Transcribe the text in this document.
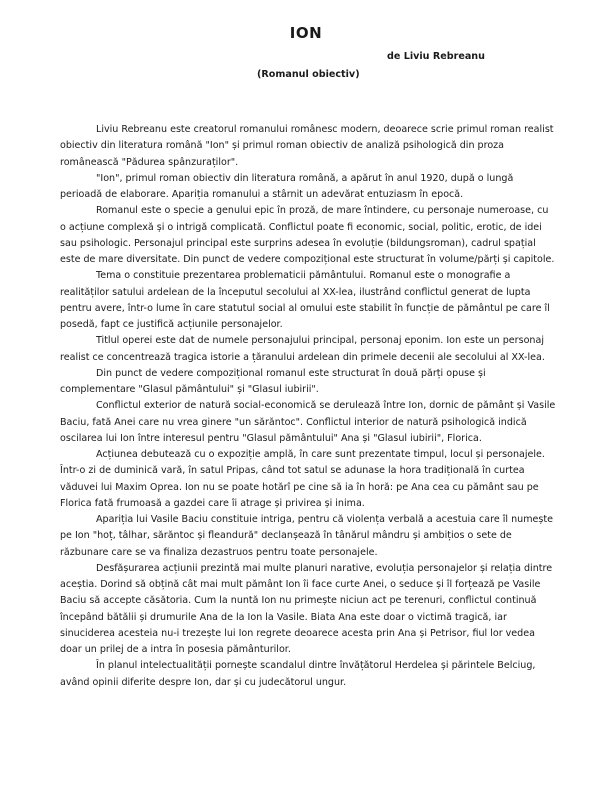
ION
de Liviu Rebreanu
(Romanul obiectiv)

Liviu Rebreanu este creatorul romanului românesc modern, deoarece scrie primul roman realist obiectiv din literatura română "Ion" și primul roman obiectiv de analiză psihologică din proza românească "Pădurea spânzuraților".

"Ion", primul roman obiectiv din literatura română, a apărut în anul 1920, după o lungă perioadă de elaborare. Apariția romanului a stârnit un adevărat entuziasm în epocă.

Romanul este o specie a genului epic în proză, de mare întindere, cu personaje numeroase, cu o acțiune complexă și o intrigă complicată. Conflictul poate fi economic, social, politic, erotic, de idei sau psihologic. Personajul principal este surprins adesea în evoluție (bildungsroman), cadrul spațial este de mare diversitate. Din punct de vedere compozițional este structurat în volume/părți și capitole.

Tema o constituie prezentarea problematicii pământului. Romanul este o monografie a realităților satului ardelean de la începutul secolului al XX-lea, ilustrând conflictul generat de lupta pentru avere, într-o lume în care statutul social al omului este stabilit în funcție de pământul pe care îl posedă, fapt ce justifică acțiunile personajelor.

Titlul operei este dat de numele personajului principal, personaj eponim. Ion este un personaj realist ce concentrează tragica istorie a țăranului ardelean din primele decenii ale secolului al XX-lea.

Din punct de vedere compozițional romanul este structurat în două părți opuse și complementare "Glasul pământului" și "Glasul iubirii".

Conflictul exterior de natură social-economică se derulează între Ion, dornic de pământ și Vasile Baciu, fată Anei care nu vrea ginere "un sărăntoc". Conflictul interior de natură psihologică indică oscilarea lui Ion între interesul pentru "Glasul pământului" Ana și "Glasul iubirii", Florica.

Acțiunea debutează cu o expoziție amplă, în care sunt prezentate timpul, locul și personajele. Într-o zi de duminică vară, în satul Pripas, când tot satul se adunase la hora tradițională în curtea văduvei lui Maxim Oprea. Ion nu se poate hotărî pe cine să ia în horă: pe Ana cea cu pământ sau pe Florica fată frumoasă a gazdei care îi atrage și privirea și inima.

Apariția lui Vasile Baciu constituie intriga, pentru că violența verbală a acestuia care îl numește pe Ion "hoț, tâlhar, sărăntoc și fleandură" declanșează în tânărul mândru și ambițios o sete de răzbunare care se va finaliza dezastruos pentru toate personajele.

Desfășurarea acțiunii prezintă mai multe planuri narative, evoluția personajelor și relația dintre aceștia. Dorind să obțină cât mai mult pământ Ion îi face curte Anei, o seduce și îl forțează pe Vasile Baciu să accepte căsătoria. Cum la nuntă Ion nu primește niciun act pe terenuri, conflictul continuă începând bătălii și drumurile Ana de la Ion la Vasile. Biata Ana este doar o victimă tragică, iar sinuciderea acesteia nu-i trezește lui Ion regrete deoarece acesta prin Ana și Petrisor, fiul lor vedea doar un prilej de a intra în posesia pământurilor.

În planul intelectualității pornește scandalul dintre învățătorul Herdelea și părintele Belciug, având opinii diferite despre Ion, dar și cu judecătorul ungur.
